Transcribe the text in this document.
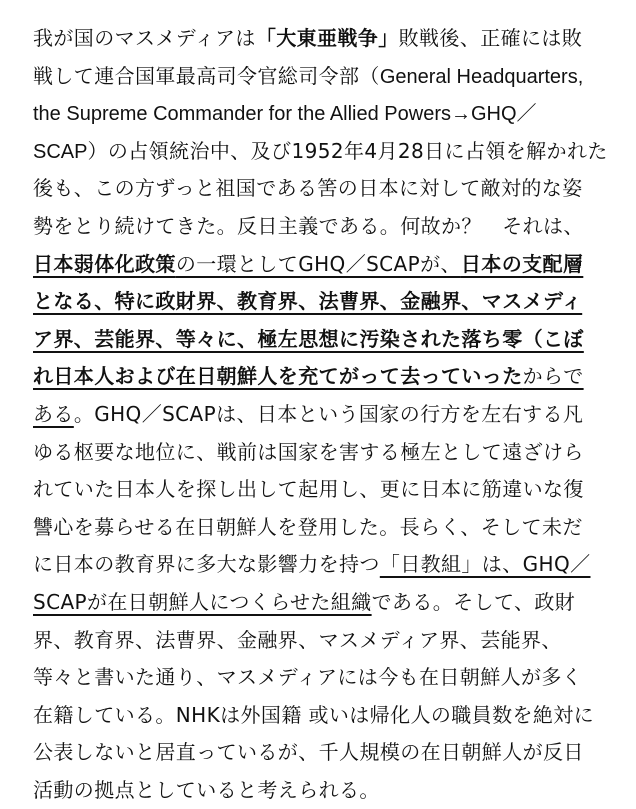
我が国のマスメディアは「大東亜戦争」敗戦後、正確には敗
戦して連合国軍最高司令官総司令部（General Headquarters,
the Supreme Commander for the Allied Powers→GHQ／
SCAP）の占領統治中、及び1952年4月28日に占領を解かれた
後も、この方ずっと祖国である筈の日本に対して敵対的な姿
勢をとり続けてきた。反日主義である。何故か？　それは、
日本弱体化政策の一環としてGHQ／SCAPが、日本の支配層
となる、特に政財界、教育界、法曹界、金融界、マスメディ
ア界、芸能界、等々に、極左思想に汚染された落ち零（こぼ
れ日本人および在日朝鮮人を充てがって去っていったからで
ある。GHQ／SCAPは、日本という国家の行方を左右する凡
ゆる枢要な地位に、戦前は国家を害する極左として遠ざけら
れていた日本人を探し出して起用し、更に日本に筋違いな復
讐心を募らせる在日朝鮮人を登用した。長らく、そして未だ
に日本の教育界に多大な影響力を持つ「日教組」は、GHQ／
SCAPが在日朝鮮人につくらせた組織である。そして、政財
界、教育界、法曹界、金融界、マスメディア界、芸能界、
等々と書いた通り、マスメディアには今も在日朝鮮人が多く
在籍している。NHKは外国籍 或いは帰化人の職員数を絶対に
公表しないと居直っているが、千人規模の在日朝鮮人が反日
活動の拠点としていると考えられる。
